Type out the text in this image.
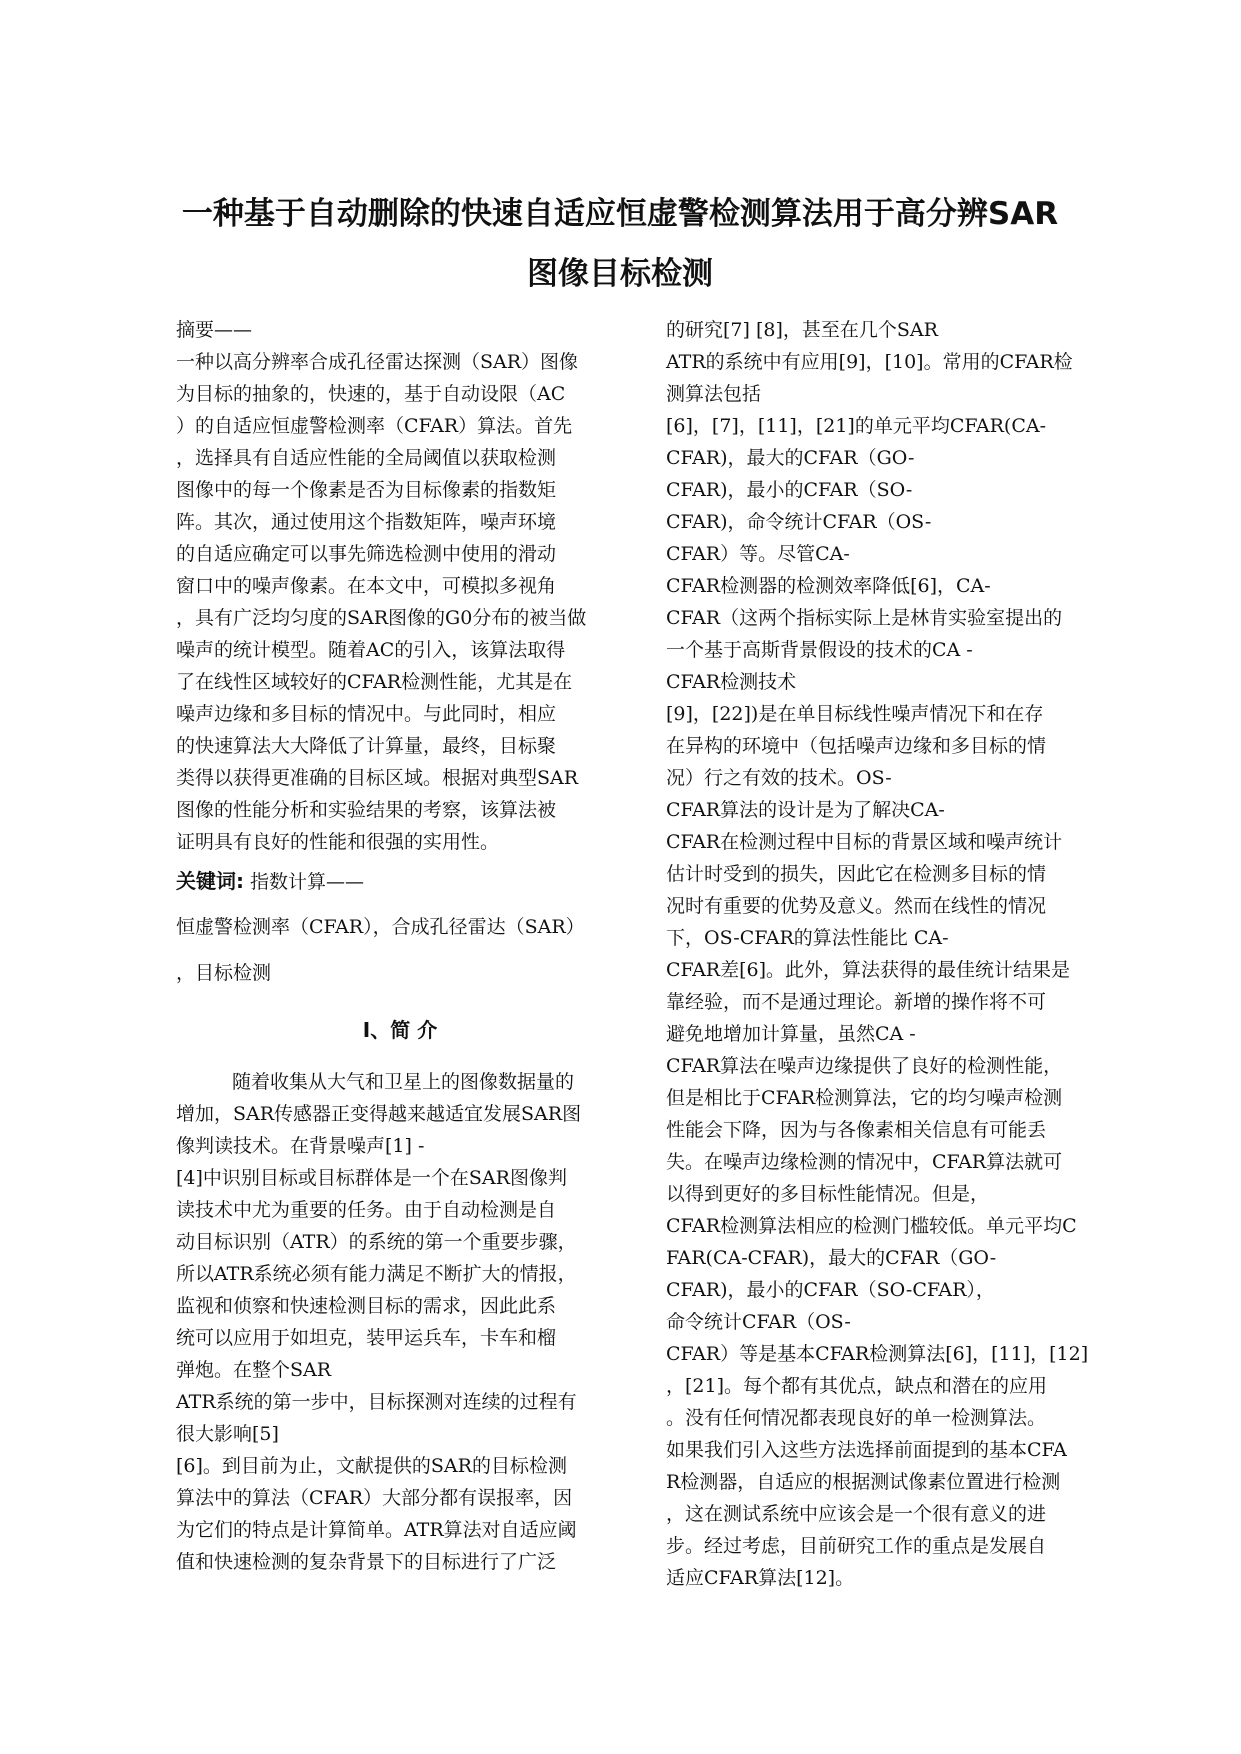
一种基于自动删除的快速自适应恒虚警检测算法用于高分辨SAR
图像目标检测
摘要——
一种以高分辨率合成孔径雷达探测（SAR）图像
为目标的抽象的，快速的，基于自动设限（AC
）的自适应恒虚警检测率（CFAR）算法。首先
，选择具有自适应性能的全局阈值以获取检测
图像中的每一个像素是否为目标像素的指数矩
阵。其次，通过使用这个指数矩阵，噪声环境
的自适应确定可以事先筛选检测中使用的滑动
窗口中的噪声像素。在本文中，可模拟多视角
，具有广泛均匀度的SAR图像的G0分布的被当做
噪声的统计模型。随着AC的引入，该算法取得
了在线性区域较好的CFAR检测性能，尤其是在
噪声边缘和多目标的情况中。与此同时，相应
的快速算法大大降低了计算量，最终，目标聚
类得以获得更准确的目标区域。根据对典型SAR
图像的性能分析和实验结果的考察，该算法被
证明具有良好的性能和很强的实用性。
关键词: 指数计算——
恒虚警检测率（CFAR），合成孔径雷达（SAR）
，目标检测
I、简 介
随着收集从大气和卫星上的图像数据量的
增加，SAR传感器正变得越来越适宜发展SAR图
像判读技术。在背景噪声[1] -
[4]中识别目标或目标群体是一个在SAR图像判
读技术中尤为重要的任务。由于自动检测是自
动目标识别（ATR）的系统的第一个重要步骤，
所以ATR系统必须有能力满足不断扩大的情报，
监视和侦察和快速检测目标的需求，因此此系
统可以应用于如坦克，装甲运兵车，卡车和榴
弹炮。在整个SAR
ATR系统的第一步中，目标探测对连续的过程有
很大影响[5]
[6]。到目前为止，文献提供的SAR的目标检测
算法中的算法（CFAR）大部分都有误报率，因
为它们的特点是计算简单。ATR算法对自适应阈
值和快速检测的复杂背景下的目标进行了广泛
的研究[7] [8]，甚至在几个SAR
ATR的系统中有应用[9]，[10]。常用的CFAR检
测算法包括
[6]，[7]，[11]，[21]的单元平均CFAR(CA-
CFAR)，最大的CFAR（GO-
CFAR)，最小的CFAR（SO-
CFAR)，命令统计CFAR（OS-
CFAR）等。尽管CA-
CFAR检测器的检测效率降低[6]，CA-
CFAR（这两个指标实际上是林肯实验室提出的
一个基于高斯背景假设的技术的CA -
CFAR检测技术
[9]，[22])是在单目标线性噪声情况下和在存
在异构的环境中（包括噪声边缘和多目标的情
况）行之有效的技术。OS-
CFAR算法的设计是为了解决CA-
CFAR在检测过程中目标的背景区域和噪声统计
估计时受到的损失，因此它在检测多目标的情
况时有重要的优势及意义。然而在线性的情况
下，OS-CFAR的算法性能比 CA-
CFAR差[6]。此外，算法获得的最佳统计结果是
靠经验，而不是通过理论。新增的操作将不可
避免地增加计算量，虽然CA -
CFAR算法在噪声边缘提供了良好的检测性能，
但是相比于CFAR检测算法，它的均匀噪声检测
性能会下降，因为与各像素相关信息有可能丢
失。在噪声边缘检测的情况中，CFAR算法就可
以得到更好的多目标性能情况。但是，
CFAR检测算法相应的检测门槛较低。单元平均C
FAR(CA-CFAR)，最大的CFAR（GO-
CFAR)，最小的CFAR（SO-CFAR），
命令统计CFAR（OS-
CFAR）等是基本CFAR检测算法[6]，[11]，[12]
，[21]。每个都有其优点，缺点和潜在的应用
。没有任何情况都表现良好的单一检测算法。
如果我们引入这些方法选择前面提到的基本CFA
R检测器，自适应的根据测试像素位置进行检测
，这在测试系统中应该会是一个很有意义的进
步。经过考虑，目前研究工作的重点是发展自
适应CFAR算法[12]。
